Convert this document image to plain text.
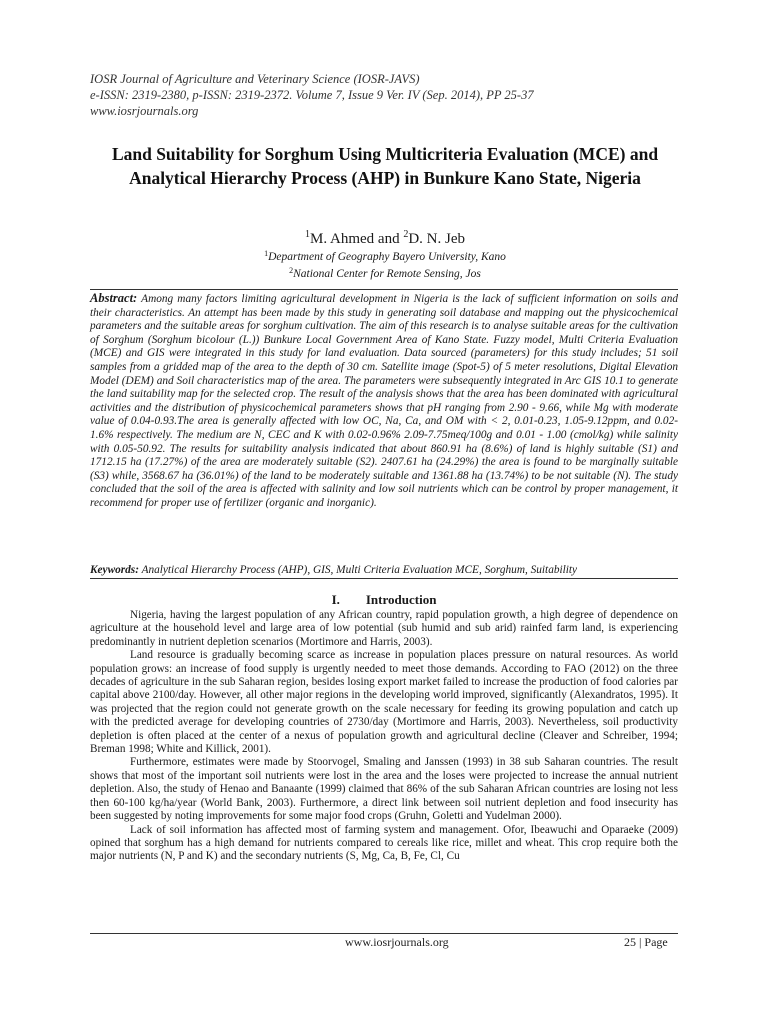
IOSR Journal of Agriculture and Veterinary Science (IOSR-JAVS)
e-ISSN: 2319-2380, p-ISSN: 2319-2372. Volume 7, Issue 9 Ver. IV (Sep. 2014), PP 25-37
www.iosrjournals.org
Land Suitability for Sorghum Using Multicriteria Evaluation (MCE) and Analytical Hierarchy Process (AHP) in Bunkure Kano State, Nigeria
$^1$M. Ahmed and $^2$D. N. Jeb
$^1$Department of Geography Bayero University, Kano
$^2$National Center for Remote Sensing, Jos
Abstract: Among many factors limiting agricultural development in Nigeria is the lack of sufficient information on soils and their characteristics. An attempt has been made by this study in generating soil database and mapping out the physicochemical parameters and the suitable areas for sorghum cultivation. The aim of this research is to analyse suitable areas for the cultivation of Sorghum (Sorghum bicolour (L.)) Bunkure Local Government Area of Kano State. Fuzzy model, Multi Criteria Evaluation (MCE) and GIS were integrated in this study for land evaluation. Data sourced (parameters) for this study includes; 51 soil samples from a gridded map of the area to the depth of 30 cm. Satellite image (Spot-5) of 5 meter resolutions, Digital Elevation Model (DEM) and Soil characteristics map of the area. The parameters were subsequently integrated in Arc GIS 10.1 to generate the land suitability map for the selected crop. The result of the analysis shows that the area has been dominated with agricultural activities and the distribution of physicochemical parameters shows that pH ranging from 2.90 - 9.66, while Mg with moderate value of 0.04-0.93.The area is generally affected with low OC, Na, Ca, and OM with < 2, 0.01-0.23, 1.05-9.12ppm, and 0.02-1.6% respectively. The medium are N, CEC and K with 0.02-0.96% 2.09-7.75meq/100g and 0.01 - 1.00 (cmol/kg) while salinity with 0.05-50.92. The results for suitability analysis indicated that about 860.91 ha (8.6%) of land is highly suitable (S1) and 1712.15 ha (17.27%) of the area are moderately suitable (S2). 2407.61 ha (24.29%) the area is found to be marginally suitable (S3) while, 3568.67 ha (36.01%) of the land to be moderately suitable and 1361.88 ha (13.74%) to be not suitable (N). The study concluded that the soil of the area is affected with salinity and low soil nutrients which can be control by proper management, it recommend for proper use of fertilizer (organic and inorganic).
Keywords: Analytical Hierarchy Process (AHP), GIS, Multi Criteria Evaluation MCE, Sorghum, Suitability
I. Introduction

Nigeria, having the largest population of any African country, rapid population growth, a high degree of dependence on agriculture at the household level and large area of low potential (sub humid and sub arid) rainfed farm land, is experiencing predominantly in nutrient depletion scenarios (Mortimore and Harris, 2003).

Land resource is gradually becoming scarce as increase in population places pressure on natural resources. As world population grows: an increase of food supply is urgently needed to meet those demands. According to FAO (2012) on the three decades of agriculture in the sub Saharan region, besides losing export market failed to increase the production of food calories par capital above 2100/day. However, all other major regions in the developing world improved, significantly (Alexandratos, 1995). It was projected that the region could not generate growth on the scale necessary for feeding its growing population and catch up with the predicted average for developing countries of 2730/day (Mortimore and Harris, 2003). Nevertheless, soil productivity depletion is often placed at the center of a nexus of population growth and agricultural decline (Cleaver and Schreiber, 1994; Breman 1998; White and Killick, 2001).

Furthermore, estimates were made by Stoorvogel, Smaling and Janssen (1993) in 38 sub Saharan countries. The result shows that most of the important soil nutrients were lost in the area and the loses were projected to increase the annual nutrient depletion. Also, the study of Henao and Banaante (1999) claimed that 86% of the sub Saharan African countries are losing not less then 60-100 kg/ha/year (World Bank, 2003). Furthermore, a direct link between soil nutrient depletion and food insecurity has been suggested by noting improvements for some major food crops (Gruhn, Goletti and Yudelman 2000).

Lack of soil information has affected most of farming system and management. Ofor, Ibeawuchi and Oparaeke (2009) opined that sorghum has a high demand for nutrients compared to cereals like rice, millet and wheat. This crop require both the major nutrients (N, P and K) and the secondary nutrients (S, Mg, Ca, B, Fe, Cl, Cu

www.iosrjournals.org	25 | Page
